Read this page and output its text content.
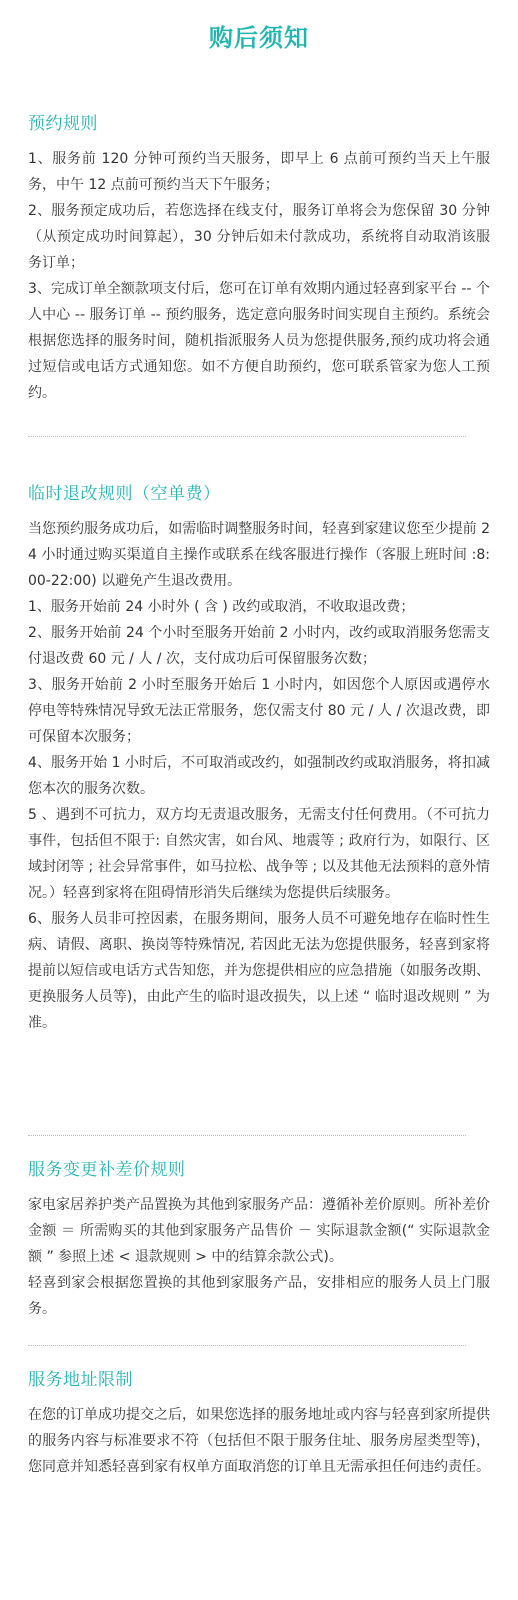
购后须知
预约规则

1、服务前 120 分钟可预约当天服务，即早上 6 点前可预约当天上午服务，中午 12 点前可预约当天下午服务；

2、服务预定成功后，若您选择在线支付，服务订单将会为您保留 30 分钟（从预定成功时间算起），30 分钟后如未付款成功，系统将自动取消该服务订单；

3、完成订单全额款项支付后，您可在订单有效期内通过轻喜到家平台 -- 个人中心 -- 服务订单 -- 预约服务，选定意向服务时间实现自主预约。系统会根据您选择的服务时间，随机指派服务人员为您提供服务,预约成功将会通过短信或电话方式通知您。如不方便自助预约，您可联系管家为您人工预约。

临时退改规则（空单费）

当您预约服务成功后，如需临时调整服务时间，轻喜到家建议您至少提前 24 小时通过购买渠道自主操作或联系在线客服进行操作（客服上班时间 :8:00-22:00) 以避免产生退改费用。

1、服务开始前 24 小时外 ( 含 ) 改约或取消，不收取退改费；

2、服务开始前 24 个小时至服务开始前 2 小时内，改约或取消服务您需支付退改费 60 元 / 人 / 次，支付成功后可保留服务次数；

3、服务开始前 2 小时至服务开始后 1 小时内，如因您个人原因或遇停水停电等特殊情况导致无法正常服务，您仅需支付 80 元 / 人 / 次退改费，即可保留本次服务；

4、服务开始 1 小时后，不可取消或改约，如强制改约或取消服务，将扣减您本次的服务次数。

5 、遇到不可抗力，双方均无责退改服务，无需支付任何费用。（不可抗力事件，包括但不限于: 自然灾害，如台风、地震等 ; 政府行为，如限行、区域封闭等 ; 社会异常事件，如马拉松、战争等 ; 以及其他无法预料的意外情况。）轻喜到家将在阻碍情形消失后继续为您提供后续服务。

6、服务人员非可控因素，在服务期间，服务人员不可避免地存在临时性生病、请假、离职、换岗等特殊情况, 若因此无法为您提供服务，轻喜到家将提前以短信或电话方式告知您，并为您提供相应的应急措施（如服务改期、更换服务人员等)，由此产生的临时退改损失，以上述 “ 临时退改规则 ” 为准。

服务变更补差价规则

家电家居养护类产品置换为其他到家服务产品：遵循补差价原则。所补差价金额 ＝ 所需购买的其他到家服务产品售价 － 实际退款金额(“ 实际退款金额 ” 参照上述 < 退款规则 > 中的结算余款公式)。

轻喜到家会根据您置换的其他到家服务产品，安排相应的服务人员上门服务。

服务地址限制

在您的订单成功提交之后，如果您选择的服务地址或内容与轻喜到家所提供的服务内容与标准要求不符（包括但不限于服务住址、服务房屋类型等)，您同意并知悉轻喜到家有权单方面取消您的订单且无需承担任何违约责任。
